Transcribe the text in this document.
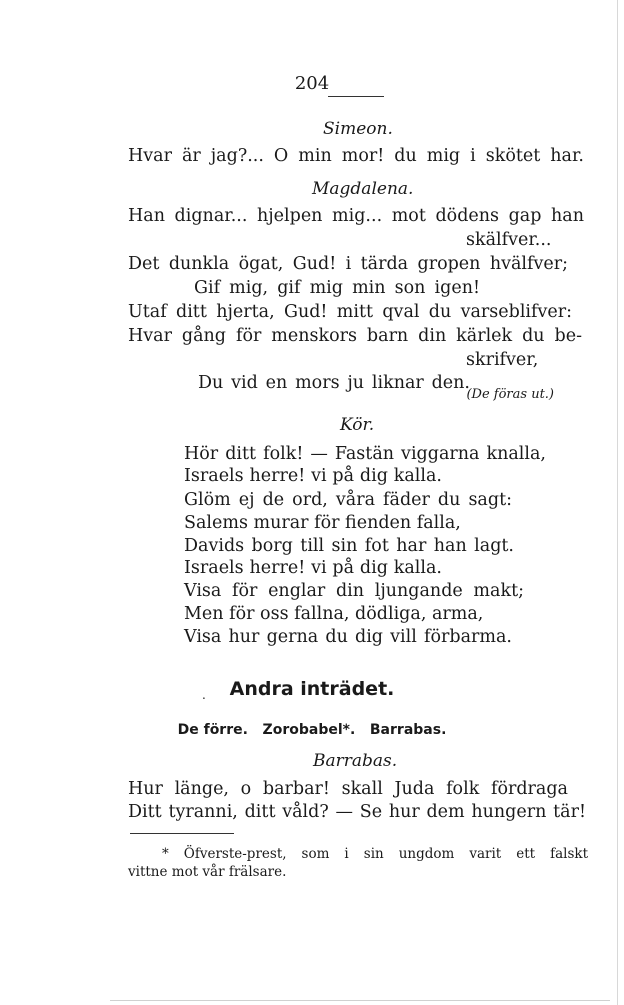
204
Simeon.
Hvar är jag?... O min mor! du mig i skötet har.
Magdalena.
Han dignar... hjelpen mig... mot dödens gap han
skälfver...
Det dunkla ögat, Gud! i tärda gropen hvälfver;
Gif mig, gif mig min son igen!
Utaf ditt hjerta, Gud! mitt qval du varseblifver:
Hvar gång för menskors barn din kärlek du be-
skrifver,
Du vid en mors ju liknar den.
(De föras ut.)
Kör.
Hör ditt folk! — Fastän viggarna knalla,
Israels herre! vi på dig kalla.
Glöm ej de ord, våra fäder du sagt:
Salems murar för fienden falla,
Davids borg till sin fot har han lagt.
Israels herre! vi på dig kalla.
Visa för englar din ljungande makt;
Men för oss fallna, dödliga, arma,
Visa hur gerna du dig vill förbarma.
.	Andra inträdet.
De förre.   Zorobabel*.   Barrabas.
Barrabas.
Hur länge, o barbar! skall Juda folk fördraga
Ditt tyranni, ditt våld? — Se hur dem hungern tär!
* Öfverste-prest, som i sin ungdom varit ett falskt
vittne mot vår frälsare.
